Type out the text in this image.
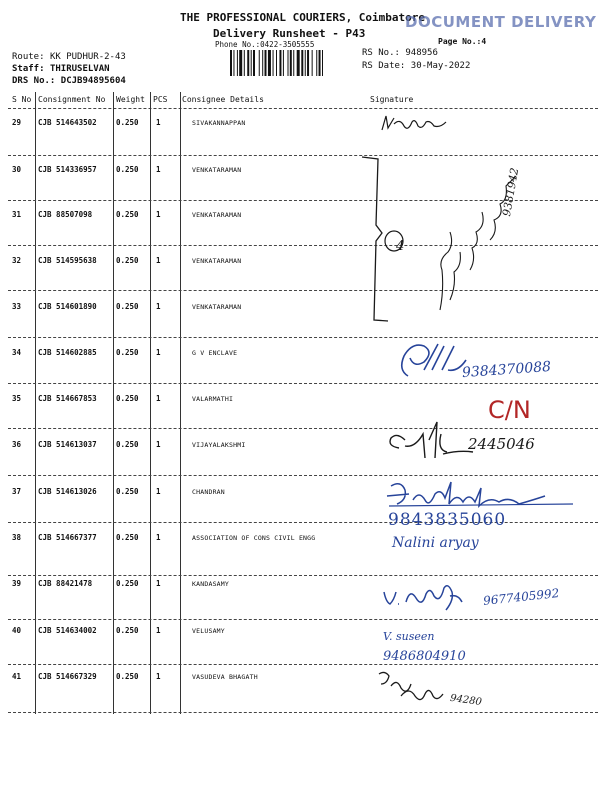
THE PROFESSIONAL COURIERS, Coimbatore
Delivery Runsheet - P43
Phone No.:0422-3505555
DOCUMENT DELIVERY
Page No.:4
Route: KK PUDHUR-2-43
Staff: THIRUSELVAN
DRS No.: DCJB94895604
RS No.: 948956
RS Date: 30-May-2022
S No Consignment No Weight PCS Consignee Details	Signature
29 CJB 514643502	0.250 1	SIVAKANNAPPAN
30 CJB 514336957	0.250 1	VENKATARAMAN
31 CJB 88507098	0.250 1	VENKATARAMAN
32 CJB 514595638	0.250 1	VENKATARAMAN
33 CJB 514601890	0.250 1	VENKATARAMAN
34 CJB 514602885	0.250 1	G V ENCLAVE
35 CJB 514667853	0.250 1	VALARMATHI
36 CJB 514613037	0.250 1	VIJAYALAKSHMI
37 CJB 514613026	0.250 1	CHANDRAN
38 CJB 514667377	0.250 1	ASSOCIATION OF CONS CIVIL ENGG
39 CJB 88421478	0.250 1	KANDASAMY
40 CJB 514634002	0.250 1	VELUSAMY
41 CJB 514667329	0.250 1	VASUDEVA BHAGATH
4
9381942
9384370088
C/N
2445046
9843835060
Nalini aryay
9677405992
V. suseen
9486804910
94280
